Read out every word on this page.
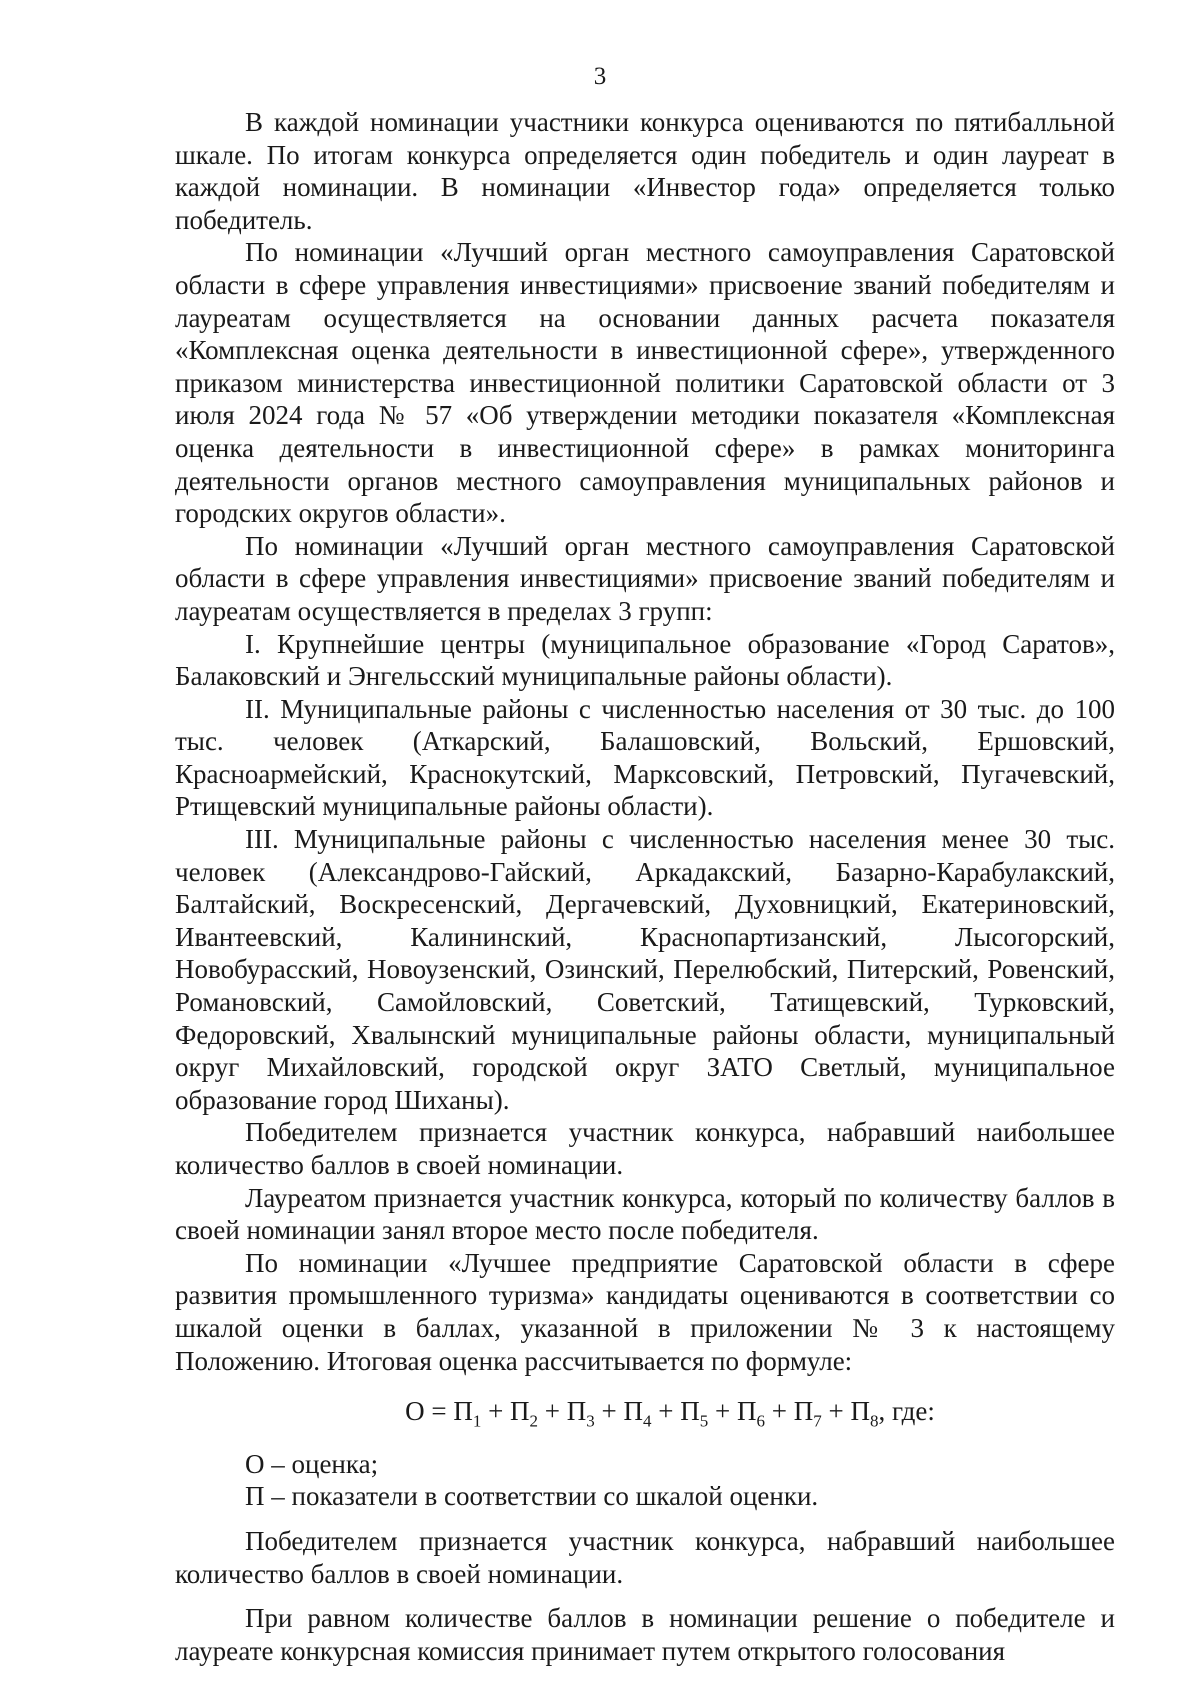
3

В каждой номинации участники конкурса оцениваются по пятибалльной шкале. По итогам конкурса определяется один победитель и один лауреат в каждой номинации. В номинации «Инвестор года» определяется только победитель.

По номинации «Лучший орган местного самоуправления Саратовской области в сфере управления инвестициями» присвоение званий победителям и лауреатам осуществляется на основании данных расчета показателя «Комплексная оценка деятельности в инвестиционной сфере», утвержденного приказом министерства инвестиционной политики Саратовской области от 3 июля 2024 года № 57 «Об утверждении методики показателя «Комплексная оценка деятельности в инвестиционной сфере» в рамках мониторинга деятельности органов местного самоуправления муниципальных районов и городских округов области».

По номинации «Лучший орган местного самоуправления Саратовской области в сфере управления инвестициями» присвоение званий победителям и лауреатам осуществляется в пределах 3 групп:

I. Крупнейшие центры (муниципальное образование «Город Саратов», Балаковский и Энгельсский муниципальные районы области).

II. Муниципальные районы с численностью населения от 30 тыс. до 100 тыс. человек (Аткарский, Балашовский, Вольский, Ершовский, Красноармейский, Краснокутский, Марксовский, Петровский, Пугачевский, Ртищевский муниципальные районы области).

III. Муниципальные районы с численностью населения менее 30 тыс. человек (Александрово-Гайский, Аркадакский, Базарно-Карабулакский, Балтайский, Воскресенский, Дергачевский, Духовницкий, Екатериновский, Ивантеевский, Калининский, Краснопартизанский, Лысогорский, Новобурасский, Новоузенский, Озинский, Перелюбский, Питерский, Ровенский, Романовский, Самойловский, Советский, Татищевский, Турковский, Федоровский, Хвалынский муниципальные районы области, муниципальный округ Михайловский, городской округ ЗАТО Светлый, муниципальное образование город Шиханы).

Победителем признается участник конкурса, набравший наибольшее количество баллов в своей номинации.

Лауреатом признается участник конкурса, который по количеству баллов в своей номинации занял второе место после победителя.

По номинации «Лучшее предприятие Саратовской области в сфере развития промышленного туризма» кандидаты оцениваются в соответствии со шкалой оценки в баллах, указанной в приложении № 3 к настоящему Положению. Итоговая оценка рассчитывается по формуле:

$О = П_1 + П_2 + П_3 + П_4 + П_5 + П_6 + П_7 + П_8$, где:

О – оценка;

П – показатели в соответствии со шкалой оценки.

Победителем признается участник конкурса, набравший наибольшее количество баллов в своей номинации.

При равном количестве баллов в номинации решение о победителе и лауреате конкурсная комиссия принимает путем открытого голосования
